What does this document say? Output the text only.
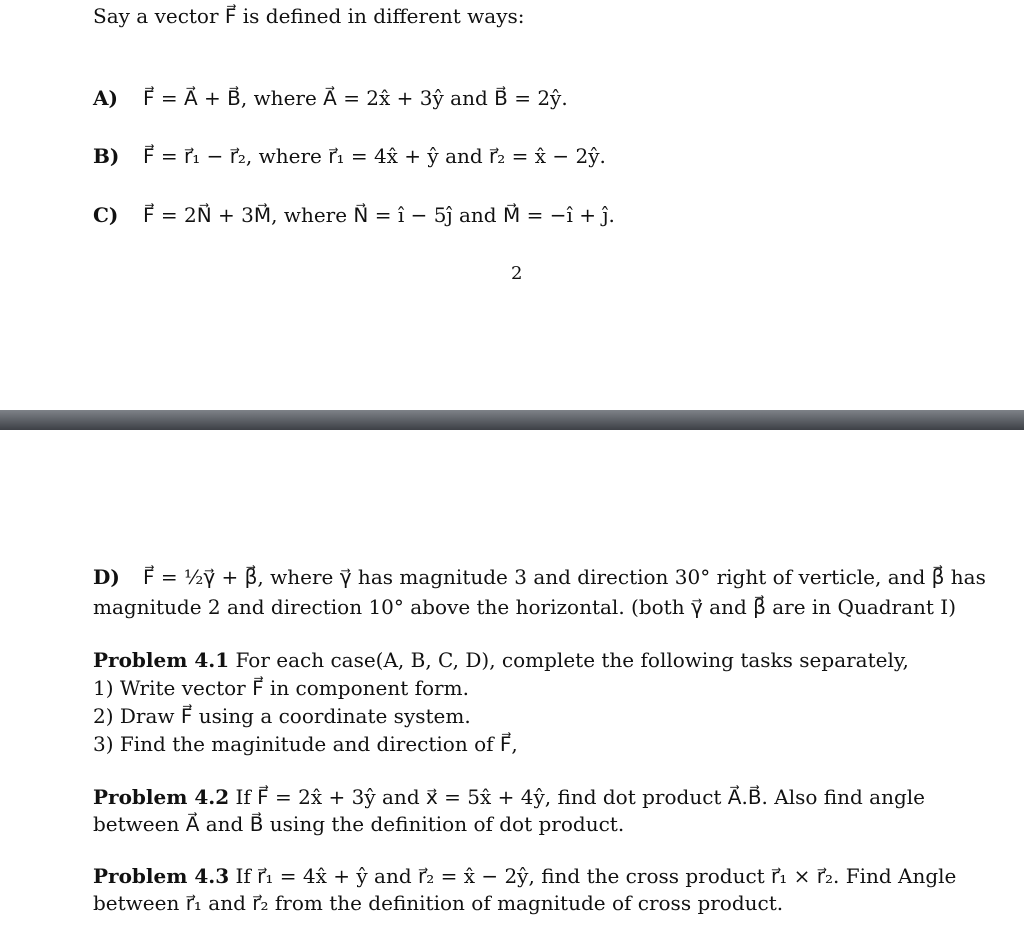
Say a vector F⃗ is defined in different ways:
A) F⃗ = A⃗ + B⃗, where A⃗ = 2x̂ + 3ŷ and B⃗ = 2ŷ.
B) F⃗ = r⃗₁ − r⃗₂, where r⃗₁ = 4x̂ + ŷ and r⃗₂ = x̂ − 2ŷ.
C) F⃗ = 2N⃗ + 3M⃗, where N⃗ = î − 5ĵ and M⃗ = −î + ĵ.
2
D) F⃗ = ½γ⃗ + β⃗, where γ⃗ has magnitude 3 and direction 30° right of verticle, and β⃗ has
magnitude 2 and direction 10° above the horizontal. (both γ⃗ and β⃗ are in Quadrant I)
Problem 4.1 For each case(A, B, C, D), complete the following tasks separately,
1) Write vector F⃗ in component form.
2) Draw F⃗ using a coordinate system.
3) Find the maginitude and direction of F⃗,
Problem 4.2 If F⃗ = 2x̂ + 3ŷ and x⃗ = 5x̂ + 4ŷ, find dot product A⃗.B⃗. Also find angle
between A⃗ and B⃗ using the definition of dot product.
Problem 4.3 If r⃗₁ = 4x̂ + ŷ and r⃗₂ = x̂ − 2ŷ, find the cross product r⃗₁ × r⃗₂. Find Angle
between r⃗₁ and r⃗₂ from the definition of magnitude of cross product.
